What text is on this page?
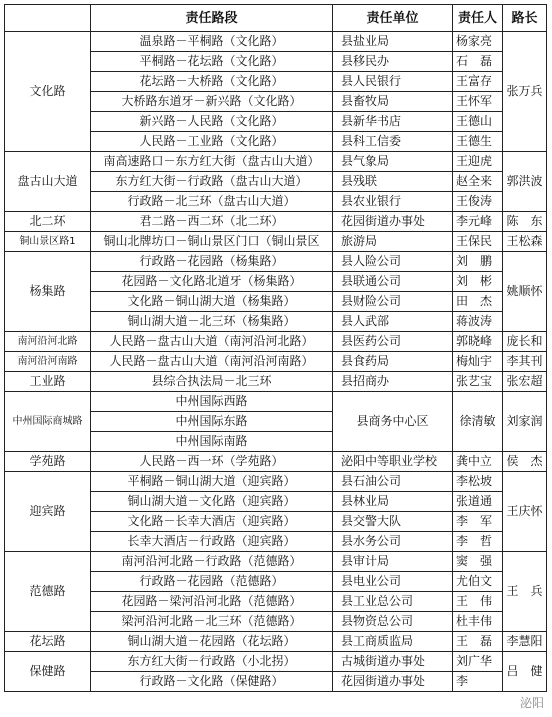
	责任路段	责任单位	责任人	路长
文化路	温泉路－平桐路（文化路）	县盐业局	杨家亮	张万兵
	平桐路－花坛路（文化路）	县移民办	石　磊	
	花坛路－大桥路（文化路）	县人民银行	王富存	
	大桥路东道牙－新兴路（文化路）	县畜牧局	王怀军	
	新兴路－人民路（文化路）	县新华书店	王德山	
	人民路－工业路（文化路）	县科工信委	王德生	
盘古山大道	南高速路口－东方红大街（盘古山大道）	县气象局	王迎虎	郭洪波
	东方红大街－行政路（盘古山大道）	县残联	赵全来	
	行政路－北三环（盘古山大道）	县农业银行	王俊涛	
北二环	君二路－西二环（北二环）	花园街道办事处	李元峰	陈　东
铜山景区路1	铜山北牌坊口－铜山景区门口（铜山景区	旅游局	王保民	王松森
杨集路	行政路－花园路（杨集路）	县人险公司	刘　鹏	姚顺怀
	花园路－文化路北道牙（杨集路）	县联通公司	刘　彬	
	文化路－铜山湖大道（杨集路）	县财险公司	田　杰	
	铜山湖大道－北三环（杨集路）	县人武部	蒋波涛	
南河沿河北路	人民路－盘古山大道（南河沿河北路）	县医药公司	郭晓峰	庞长和
南河沿河南路	人民路－盘古山大道（南河沿河南路）	县食药局	梅灿宇	李其刊
工业路	县综合执法局－北三环	县招商办	张艺宝	张宏超
中州国际商城路	中州国际西路	县商务中心区	徐清敏	刘家润
	中州国际东路			
	中州国际南路			
学苑路	人民路－西一环（学苑路）	泌阳中等职业学校	龚中立	侯　杰
迎宾路	平桐路－铜山湖大道（迎宾路）	县石油公司	李松坡	王庆怀
	铜山湖大道－文化路（迎宾路）	县林业局	张道通	
	文化路－长幸大酒店（迎宾路）	县交警大队	李　军	
	长幸大酒店－行政路（迎宾路）	县水务公司	李　哲	
范德路	南河沿河北路－行政路（范德路）	县审计局	窦　强	王　兵
	行政路－花园路（范德路）	县电业公司	尤伯文	
	花园路－梁河沿河北路（范德路）	县工业总公司	王　伟	
	梁河沿河北路－北三环（范德路）	县物资总公司	杜丰伟	
花坛路	铜山湖大道－花园路（花坛路）	县工商质监局	王　磊	李慧阳
保健路	东方红大街－行政路（小北拐）	古城街道办事处	刘广华	吕　健
	行政路－文化路（保健路）	花园街道办事处	李	
泌阳
